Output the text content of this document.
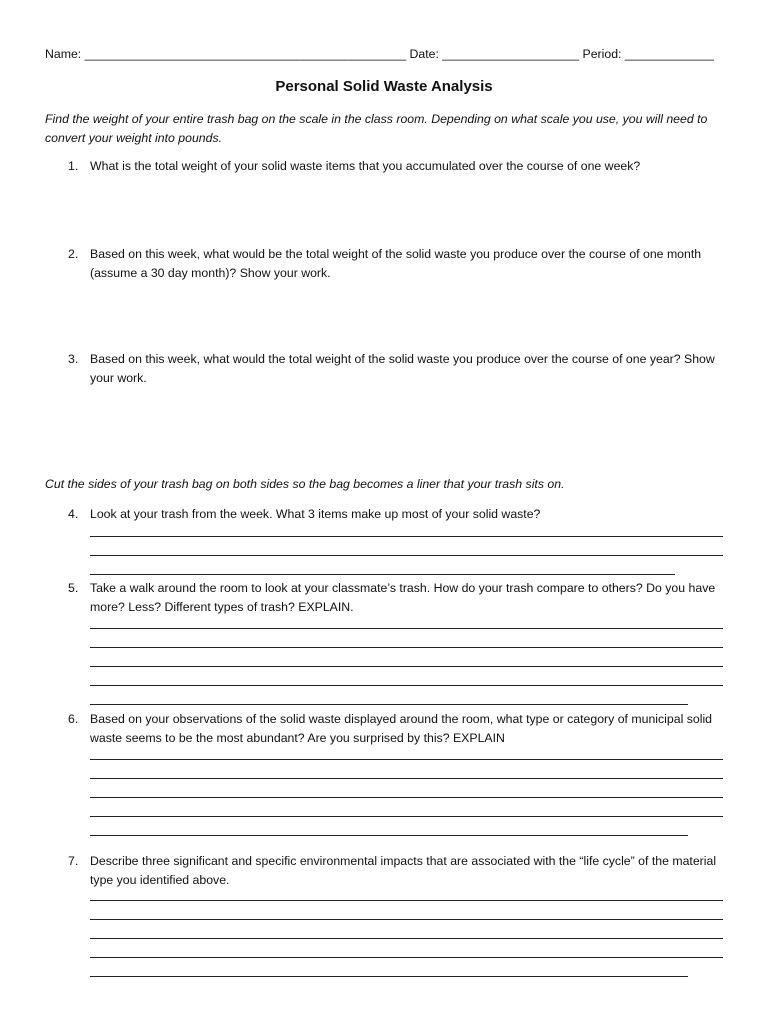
Name: _______________________________________________ Date: ____________________ Period: _____________
Personal Solid Waste Analysis
Find the weight of your entire trash bag on the scale in the class room. Depending on what scale you use, you will need to convert your weight into pounds.
1. What is the total weight of your solid waste items that you accumulated over the course of one week?
2. Based on this week, what would be the total weight of the solid waste you produce over the course of one month (assume a 30 day month)? Show your work.
3. Based on this week, what would the total weight of the solid waste you produce over the course of one year? Show your work.
Cut the sides of your trash bag on both sides so the bag becomes a liner that your trash sits on.
4. Look at your trash from the week. What 3 items make up most of your solid waste?
5. Take a walk around the room to look at your classmate’s trash. How do your trash compare to others? Do you have more? Less? Different types of trash? EXPLAIN.
6. Based on your observations of the solid waste displayed around the room, what type or category of municipal solid waste seems to be the most abundant? Are you surprised by this? EXPLAIN
7. Describe three significant and specific environmental impacts that are associated with the “life cycle” of the material type you identified above.
